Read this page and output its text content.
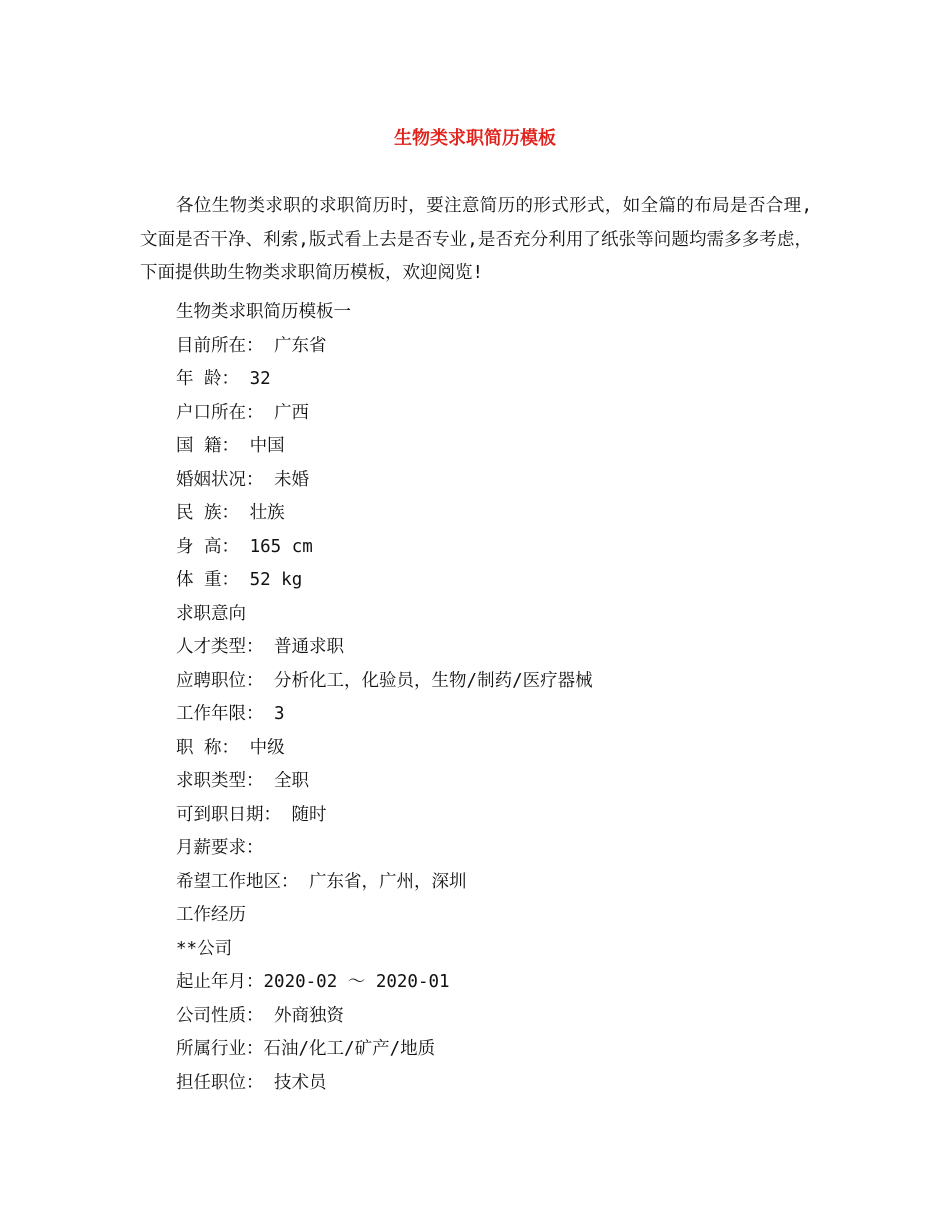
生物类求职简历模板

各位生物类求职的求职简历时，要注意简历的形式形式，如全篇的布局是否合理,文面是否干净、利索,版式看上去是否专业,是否充分利用了纸张等问题均需多多考虑，下面提供助生物类求职简历模板，欢迎阅览!

生物类求职简历模板一
目前所在： 广东省
年 龄： 32
户口所在： 广西
国 籍： 中国
婚姻状况： 未婚
民 族： 壮族
身 高： 165 cm
体 重： 52 kg
求职意向
人才类型： 普通求职
应聘职位： 分析化工，化验员，生物/制药/医疗器械
工作年限： 3
职 称： 中级
求职类型： 全职
可到职日期： 随时
月薪要求：
希望工作地区： 广东省，广州，深圳
工作经历
**公司
起止年月：2020-02 ～ 2020-01
公司性质： 外商独资
所属行业：石油/化工/矿产/地质
担任职位： 技术员
